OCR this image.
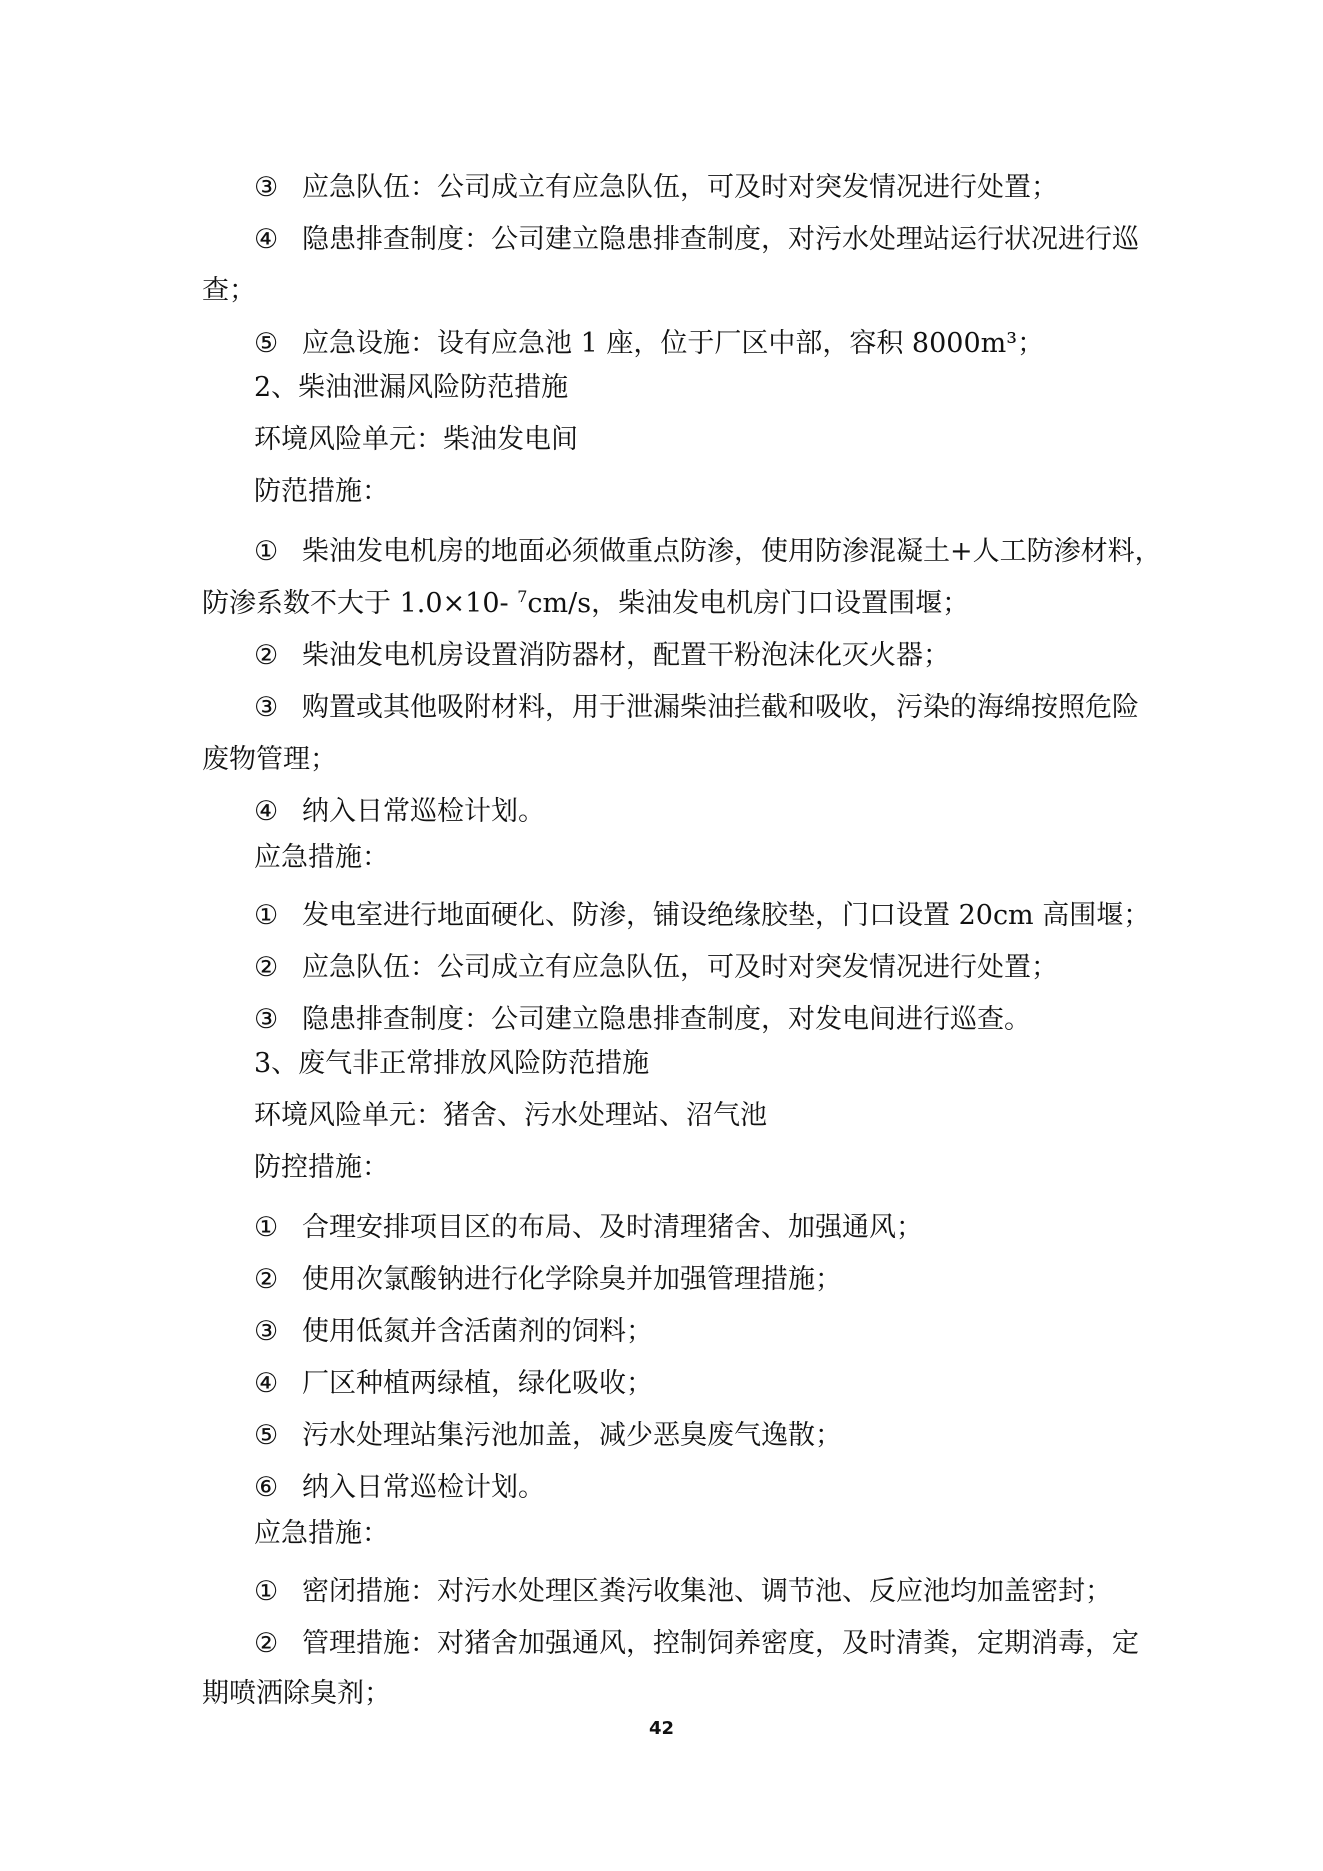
③ 应急队伍：公司成立有应急队伍，可及时对突发情况进行处置；
④ 隐患排查制度：公司建立隐患排查制度，对污水处理站运行状况进行巡
查；
⑤ 应急设施：设有应急池 1 座，位于厂区中部，容积 8000m³；
2、柴油泄漏风险防范措施
环境风险单元：柴油发电间
防范措施：
① 柴油发电机房的地面必须做重点防渗，使用防渗混凝土+人工防渗材料，
防渗系数不大于 1.0×10- $^7$cm/s，柴油发电机房门口设置围堰；
② 柴油发电机房设置消防器材，配置干粉泡沫化灭火器；
③ 购置或其他吸附材料，用于泄漏柴油拦截和吸收，污染的海绵按照危险
废物管理；
④ 纳入日常巡检计划。
应急措施：
① 发电室进行地面硬化、防渗，铺设绝缘胶垫，门口设置 20cm 高围堰；
② 应急队伍：公司成立有应急队伍，可及时对突发情况进行处置；
③ 隐患排查制度：公司建立隐患排查制度，对发电间进行巡查。
3、废气非正常排放风险防范措施
环境风险单元：猪舍、污水处理站、沼气池
防控措施：
① 合理安排项目区的布局、及时清理猪舍、加强通风；
② 使用次氯酸钠进行化学除臭并加强管理措施；
③ 使用低氮并含活菌剂的饲料；
④ 厂区种植两绿植，绿化吸收；
⑤ 污水处理站集污池加盖，减少恶臭废气逸散；
⑥ 纳入日常巡检计划。
应急措施：
① 密闭措施：对污水处理区粪污收集池、调节池、反应池均加盖密封；
② 管理措施：对猪舍加强通风，控制饲养密度，及时清粪，定期消毒，定
期喷洒除臭剂；
42
